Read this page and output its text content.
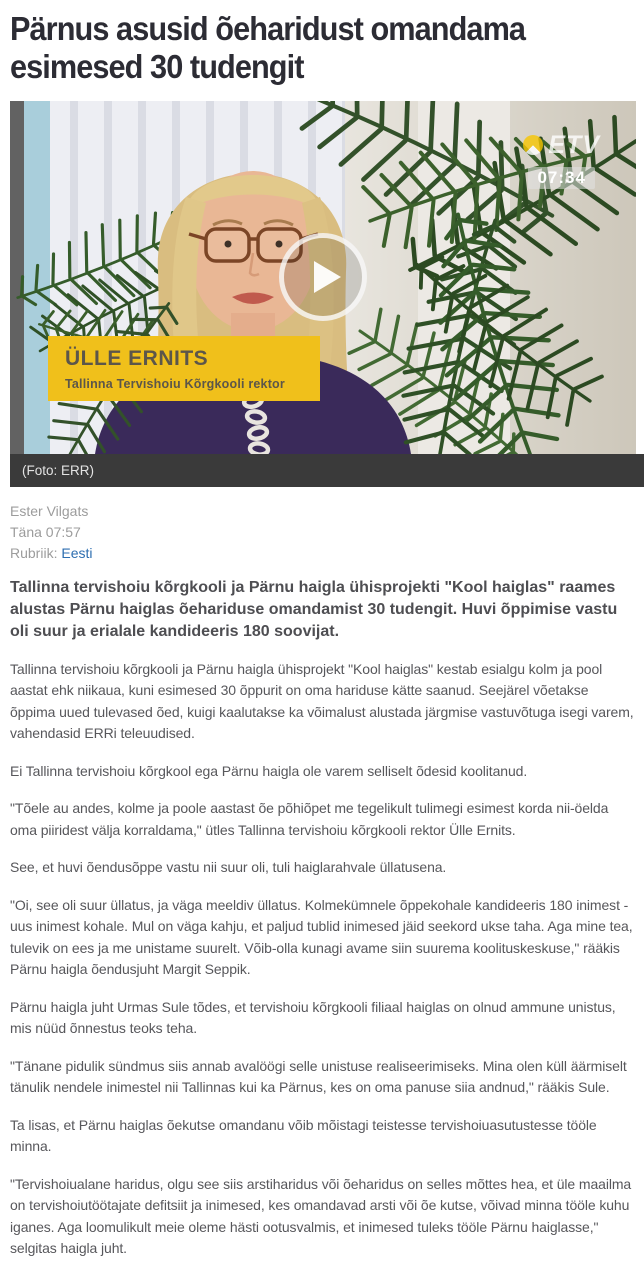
Pärnus asusid õeharidust omandama esimesed 30 tudengit
ETV
07:34
ÜLLE ERNITS
Tallinna Tervishoiu Kõrgkooli rektor
(Foto: ERR)
Ester Vilgats
Täna 07:57
Rubriik: Eesti

Tallinna tervishoiu kõrgkooli ja Pärnu haigla ühisprojekti "Kool haiglas" raames alustas Pärnu haiglas õehariduse omandamist 30 tudengit. Huvi õppimise vastu oli suur ja erialale kandideeris 180 soovijat.

Tallinna tervishoiu kõrgkooli ja Pärnu haigla ühisprojekt "Kool haiglas" kestab esialgu kolm ja pool aastat ehk niikaua, kuni esimesed 30 õppurit on oma hariduse kätte saanud. Seejärel võetakse õppima uued tulevased õed, kuigi kaalutakse ka võimalust alustada järgmise vastuvõtuga isegi varem, vahendasid ERRi teleuudised.

Ei Tallinna tervishoiu kõrgkool ega Pärnu haigla ole varem selliselt õdesid koolitanud.

"Tõele au andes, kolme ja poole aastast õe põhiõpet me tegelikult tulimegi esimest korda nii-öelda oma piiridest välja korraldama," ütles Tallinna tervishoiu kõrgkooli rektor Ülle Ernits.

See, et huvi õendusõppe vastu nii suur oli, tuli haiglarahvale üllatusena.

"Oi, see oli suur üllatus, ja väga meeldiv üllatus. Kolmekümnele õppekohale kandideeris 180 inimest - uus inimest kohale. Mul on väga kahju, et paljud tublid inimesed jäid seekord ukse taha. Aga mine tea, tulevik on ees ja me unistame suurelt. Võib-olla kunagi avame siin suurema koolituskeskuse," rääkis Pärnu haigla õendusjuht Margit Seppik.

Pärnu haigla juht Urmas Sule tõdes, et tervishoiu kõrgkooli filiaal haiglas on olnud ammune unistus, mis nüüd õnnestus teoks teha.

"Tänane pidulik sündmus siis annab avalöögi selle unistuse realiseerimiseks. Mina olen küll äärmiselt tänulik nendele inimestel nii Tallinnas kui ka Pärnus, kes on oma panuse siia andnud," rääkis Sule.

Ta lisas, et Pärnu haiglas õekutse omandanu võib mõistagi teistesse tervishoiuasutustesse tööle minna.

"Tervishoiualane haridus, olgu see siis arstiharidus või õeharidus on selles mõttes hea, et üle maailma on tervishoiutöötajate defitsiit ja inimesed, kes omandavad arsti või õe kutse, võivad minna tööle kuhu iganes. Aga loomulikult meie oleme hästi ootusvalmis, et inimesed tuleks tööle Pärnu haiglasse," selgitas haigla juht.
